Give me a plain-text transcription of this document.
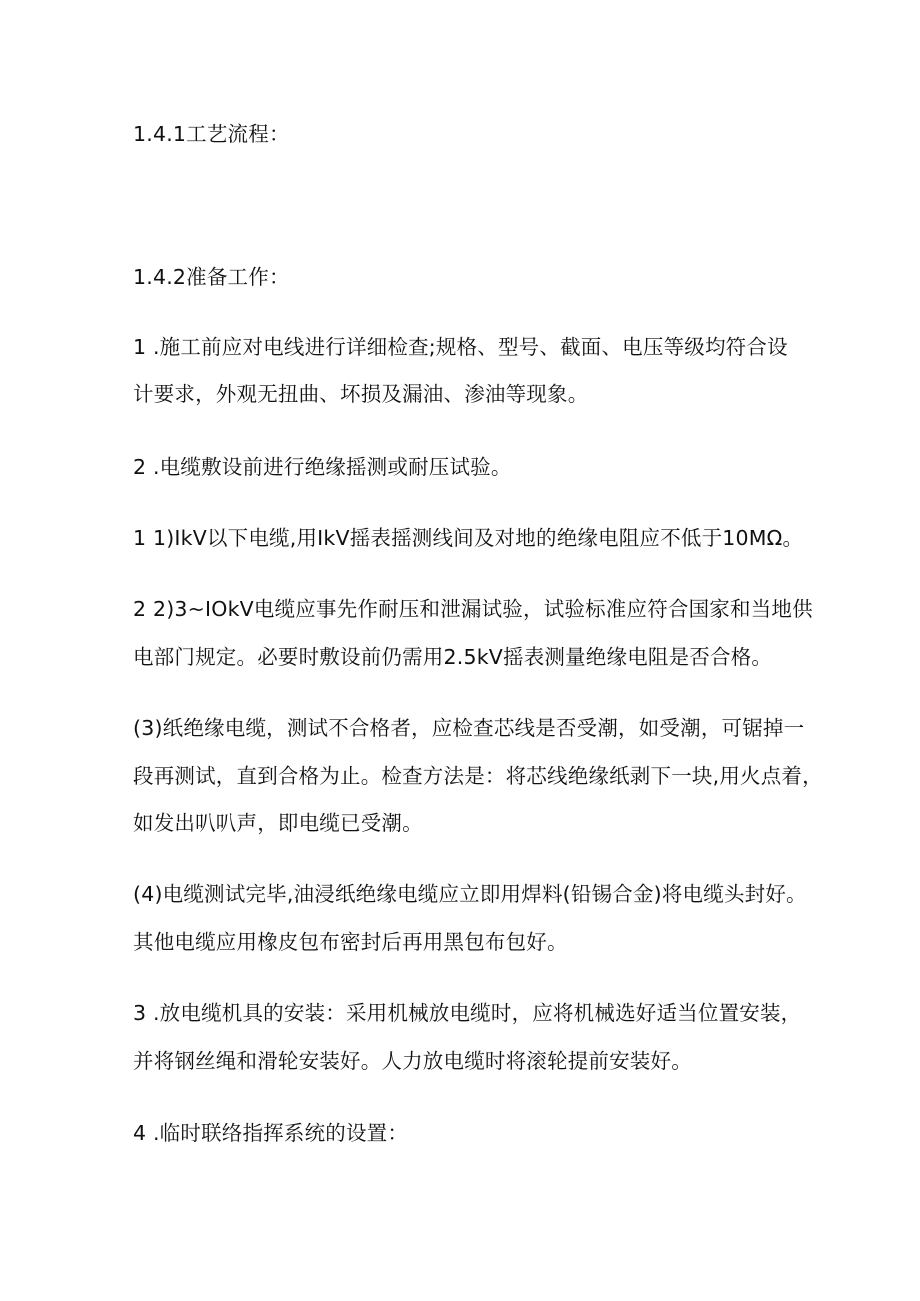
1.4.1工艺流程：
1.4.2准备工作：
1 .施工前应对电线进行详细检查;规格、型号、截面、电压等级均符合设
计要求，外观无扭曲、坏损及漏油、渗油等现象。
2 .电缆敷设前进行绝缘摇测或耐压试验。
1 1)IkV以下电缆,用IkV摇表摇测线间及对地的绝缘电阻应不低于10MΩ。
2 2)3~IOkV电缆应事先作耐压和泄漏试验，试验标准应符合国家和当地供
电部门规定。必要时敷设前仍需用2.5kV摇表测量绝缘电阻是否合格。
(3)纸绝缘电缆，测试不合格者，应检查芯线是否受潮，如受潮，可锯掉一
段再测试，直到合格为止。检查方法是：将芯线绝缘纸剥下一块,用火点着，
如发出叭叭声，即电缆已受潮。
(4)电缆测试完毕,油浸纸绝缘电缆应立即用焊料(铅锡合金)将电缆头封好。
其他电缆应用橡皮包布密封后再用黑包布包好。
3 .放电缆机具的安装：采用机械放电缆时，应将机械选好适当位置安装，
并将钢丝绳和滑轮安装好。人力放电缆时将滚轮提前安装好。
4 .临时联络指挥系统的设置：
